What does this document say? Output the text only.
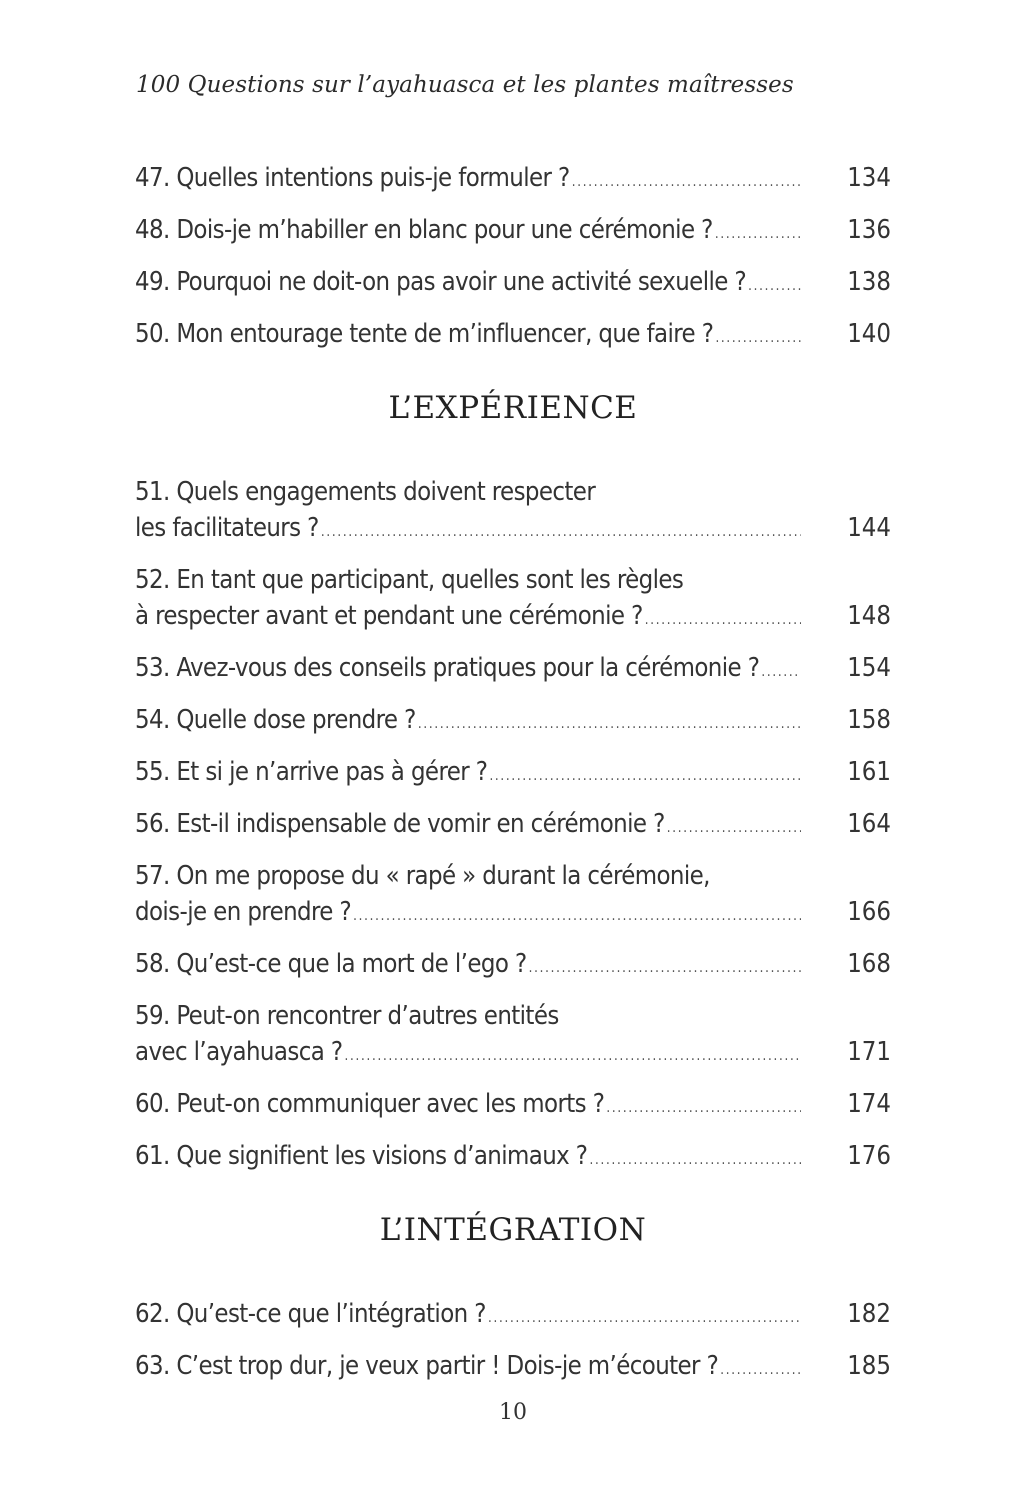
100 Questions sur l’ayahuasca et les plantes maîtresses
47. Quelles intentions puis-je formuler ? .....	134
48. Dois-je m’habiller en blanc pour une cérémonie ? .....	136
49. Pourquoi ne doit-on pas avoir une activité sexuelle ? .....	138
50. Mon entourage tente de m’influencer, que faire ? .....	140
L’EXPÉRIENCE
51. Quels engagements doivent respecter
les facilitateurs ? .....	144
52. En tant que participant, quelles sont les règles
à respecter avant et pendant une cérémonie ? .....	148
53. Avez-vous des conseils pratiques pour la cérémonie ? .....	154
54. Quelle dose prendre ? .....	158
55. Et si je n’arrive pas à gérer ? .....	161
56. Est-il indispensable de vomir en cérémonie ? .....	164
57. On me propose du « rapé » durant la cérémonie,
dois-je en prendre ? .....	166
58. Qu’est-ce que la mort de l’ego ? .....	168
59. Peut-on rencontrer d’autres entités
avec l’ayahuasca ? .....	171
60. Peut-on communiquer avec les morts ? .....	174
61. Que signifient les visions d’animaux ? .....	176
L’INTÉGRATION
62. Qu’est-ce que l’intégration ? .....	182
63. C’est trop dur, je veux partir ! Dois-je m’écouter ? .....	185
10
